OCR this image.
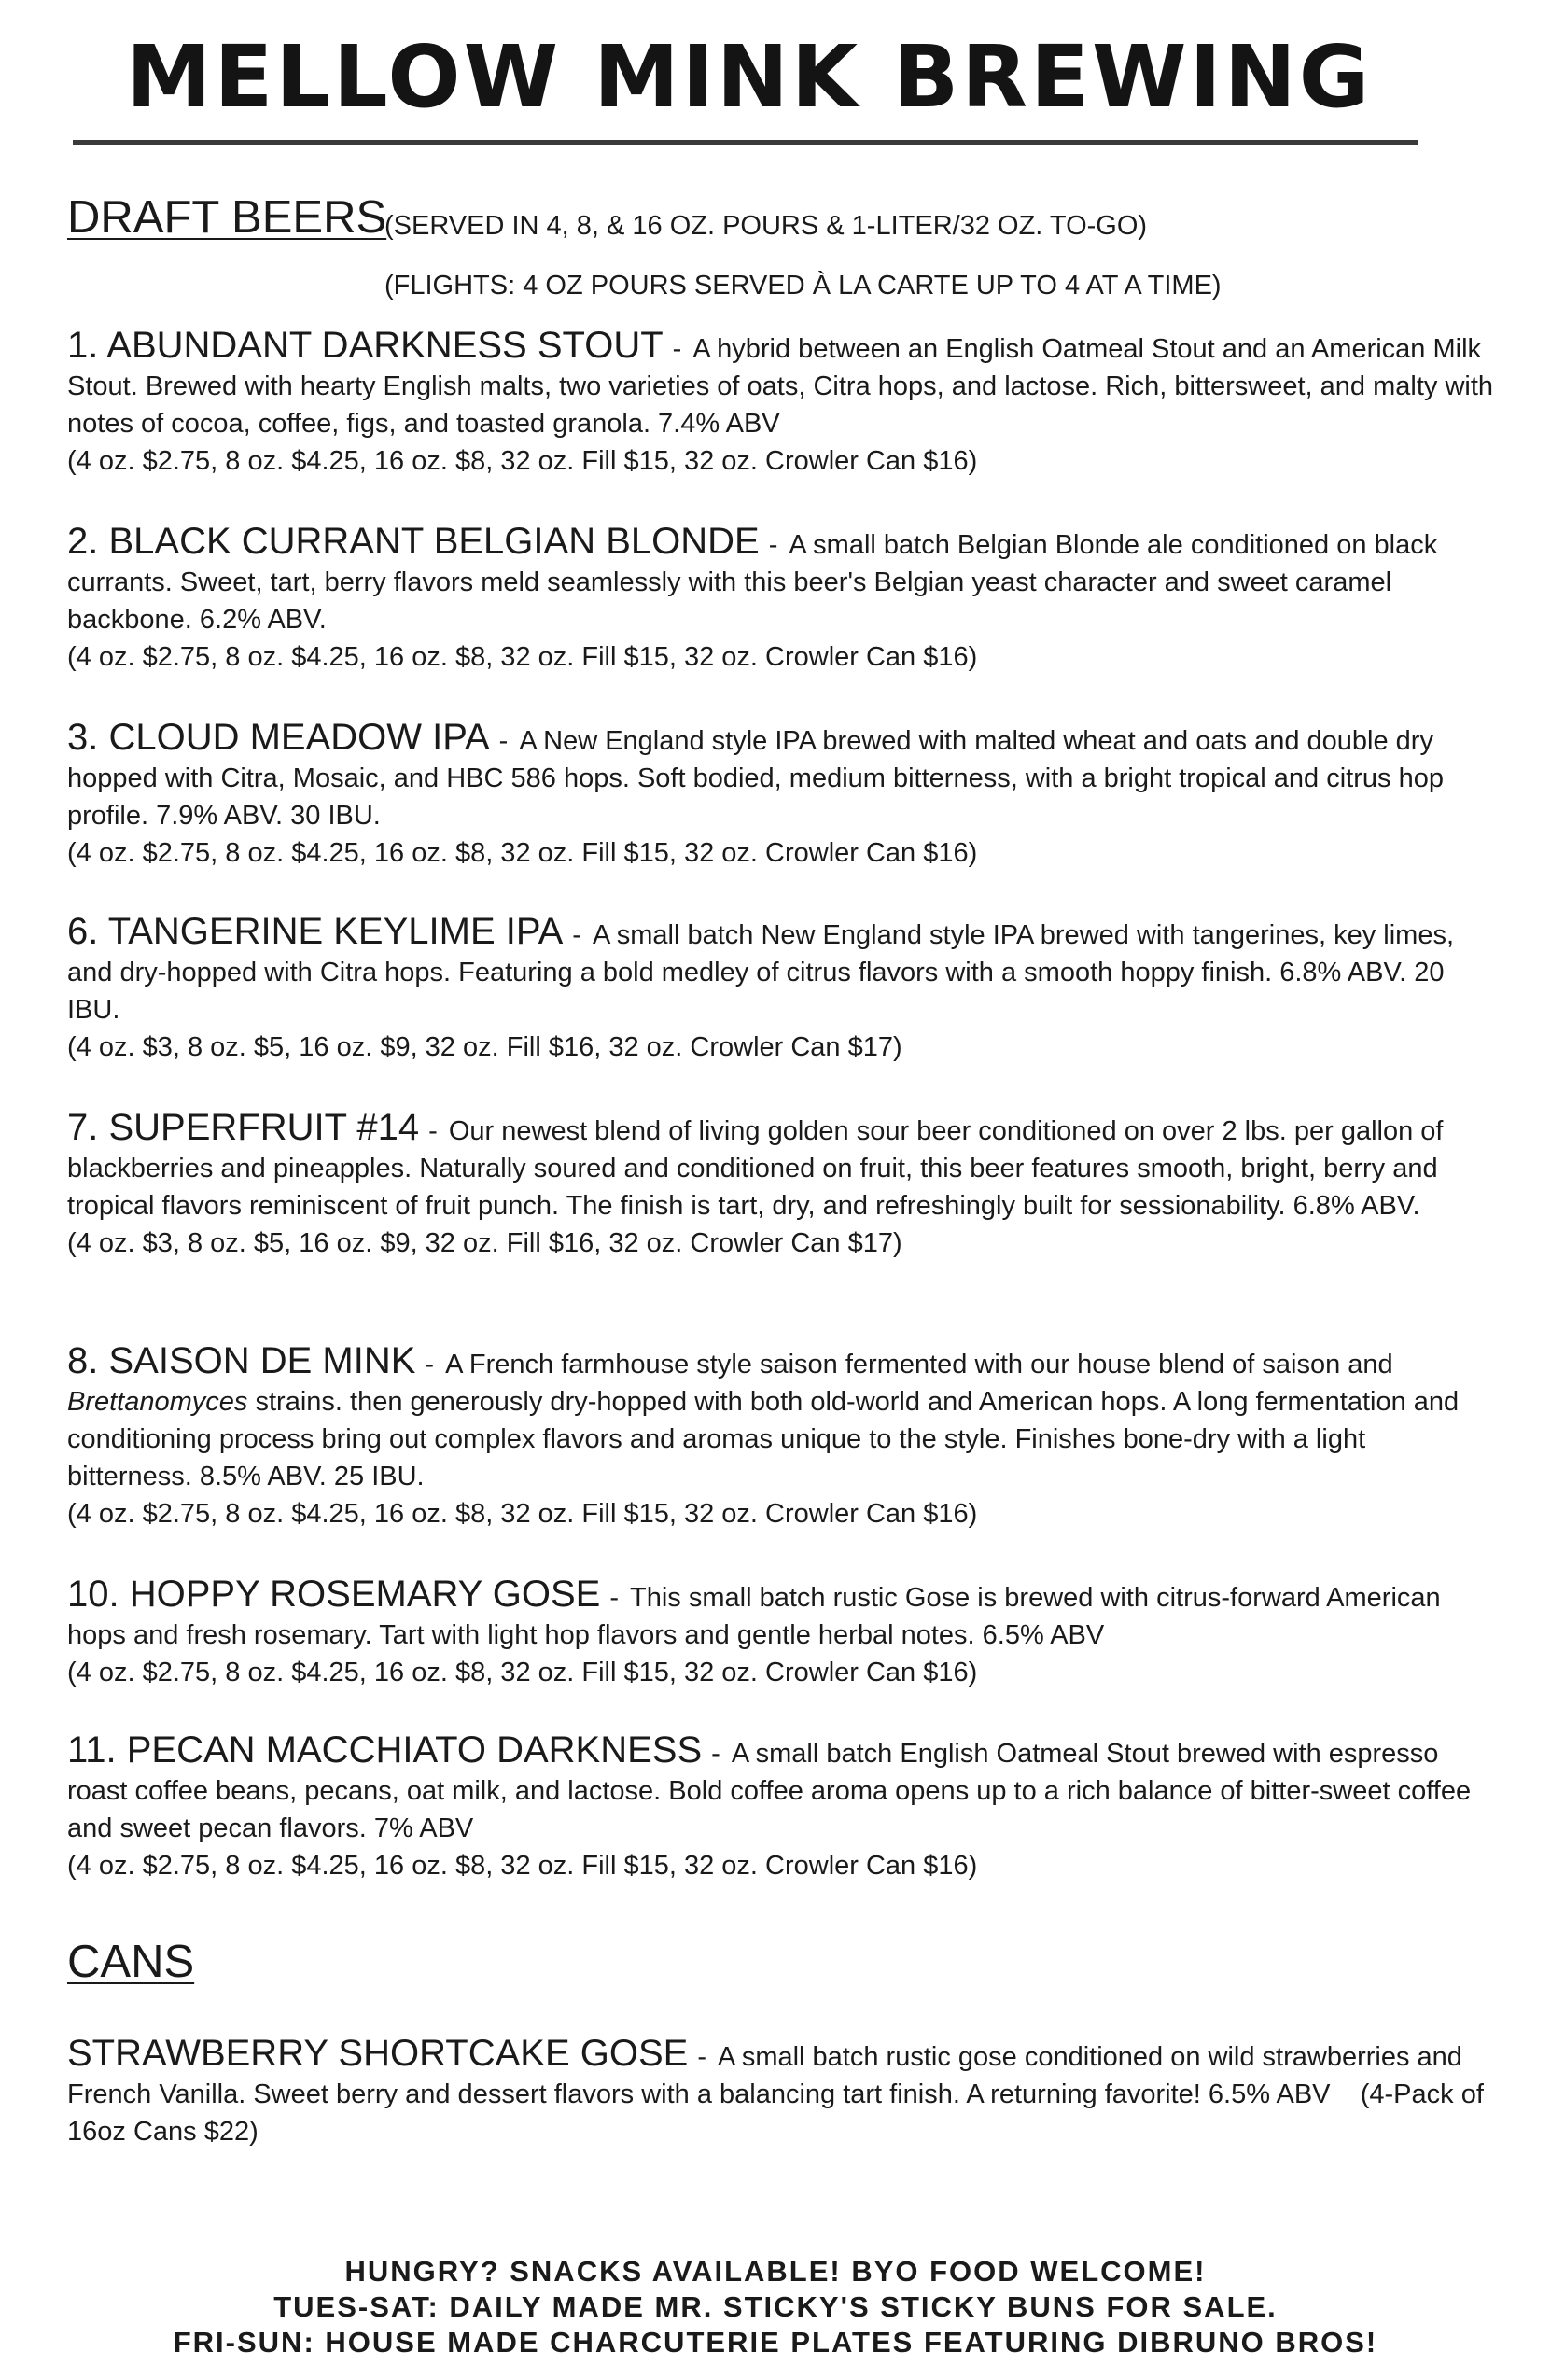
MELLOW MINK BREWING
DRAFT BEERS
(SERVED IN 4, 8, & 16 OZ. POURS & 1-LITER/32 OZ. TO-GO)
(FLIGHTS: 4 OZ POURS SERVED À LA CARTE UP TO 4 AT A TIME)

1. ABUNDANT DARKNESS STOUT - A hybrid between an English Oatmeal Stout and an American Milk Stout. Brewed with hearty English malts, two varieties of oats, Citra hops, and lactose. Rich, bittersweet, and malty with notes of cocoa, coffee, figs, and toasted granola. 7.4% ABV

(4 oz. $2.75, 8 oz. $4.25, 16 oz. $8, 32 oz. Fill $15, 32 oz. Crowler Can $16)

2. BLACK CURRANT BELGIAN BLONDE - A small batch Belgian Blonde ale conditioned on black currants. Sweet, tart, berry flavors meld seamlessly with this beer's Belgian yeast character and sweet caramel backbone. 6.2% ABV.

(4 oz. $2.75, 8 oz. $4.25, 16 oz. $8, 32 oz. Fill $15, 32 oz. Crowler Can $16)

3. CLOUD MEADOW IPA - A New England style IPA brewed with malted wheat and oats and double dry hopped with Citra, Mosaic, and HBC 586 hops. Soft bodied, medium bitterness, with a bright tropical and citrus hop profile. 7.9% ABV. 30 IBU.

(4 oz. $2.75, 8 oz. $4.25, 16 oz. $8, 32 oz. Fill $15, 32 oz. Crowler Can $16)

6. TANGERINE KEYLIME IPA - A small batch New England style IPA brewed with tangerines, key limes, and dry-hopped with Citra hops. Featuring a bold medley of citrus flavors with a smooth hoppy finish. 6.8% ABV. 20 IBU.

(4 oz. $3, 8 oz. $5, 16 oz. $9, 32 oz. Fill $16, 32 oz. Crowler Can $17)

7. SUPERFRUIT #14 - Our newest blend of living golden sour beer conditioned on over 2 lbs. per gallon of blackberries and pineapples. Naturally soured and conditioned on fruit, this beer features smooth, bright, berry and tropical flavors reminiscent of fruit punch. The finish is tart, dry, and refreshingly built for sessionability. 6.8% ABV.

(4 oz. $3, 8 oz. $5, 16 oz. $9, 32 oz. Fill $16, 32 oz. Crowler Can $17)

8. SAISON DE MINK - A French farmhouse style saison fermented with our house blend of saison and Brettanomyces strains. then generously dry-hopped with both old-world and American hops. A long fermentation and conditioning process bring out complex flavors and aromas unique to the style. Finishes bone-dry with a light bitterness. 8.5% ABV. 25 IBU.

(4 oz. $2.75, 8 oz. $4.25, 16 oz. $8, 32 oz. Fill $15, 32 oz. Crowler Can $16)

10. HOPPY ROSEMARY GOSE - This small batch rustic Gose is brewed with citrus-forward American hops and fresh rosemary. Tart with light hop flavors and gentle herbal notes. 6.5% ABV

(4 oz. $2.75, 8 oz. $4.25, 16 oz. $8, 32 oz. Fill $15, 32 oz. Crowler Can $16)

11. PECAN MACCHIATO DARKNESS - A small batch English Oatmeal Stout brewed with espresso roast coffee beans, pecans, oat milk, and lactose. Bold coffee aroma opens up to a rich balance of bitter-sweet coffee and sweet pecan flavors. 7% ABV

(4 oz. $2.75, 8 oz. $4.25, 16 oz. $8, 32 oz. Fill $15, 32 oz. Crowler Can $16)

CANS

STRAWBERRY SHORTCAKE GOSE - A small batch rustic gose conditioned on wild strawberries and French Vanilla. Sweet berry and dessert flavors with a balancing tart finish. A returning favorite! 6.5% ABV (4-Pack of 16oz Cans $22)

HUNGRY? SNACKS AVAILABLE! BYO FOOD WELCOME!
TUES-SAT: DAILY MADE MR. STICKY'S STICKY BUNS FOR SALE.
FRI-SUN: HOUSE MADE CHARCUTERIE PLATES FEATURING DIBRUNO BROS!
